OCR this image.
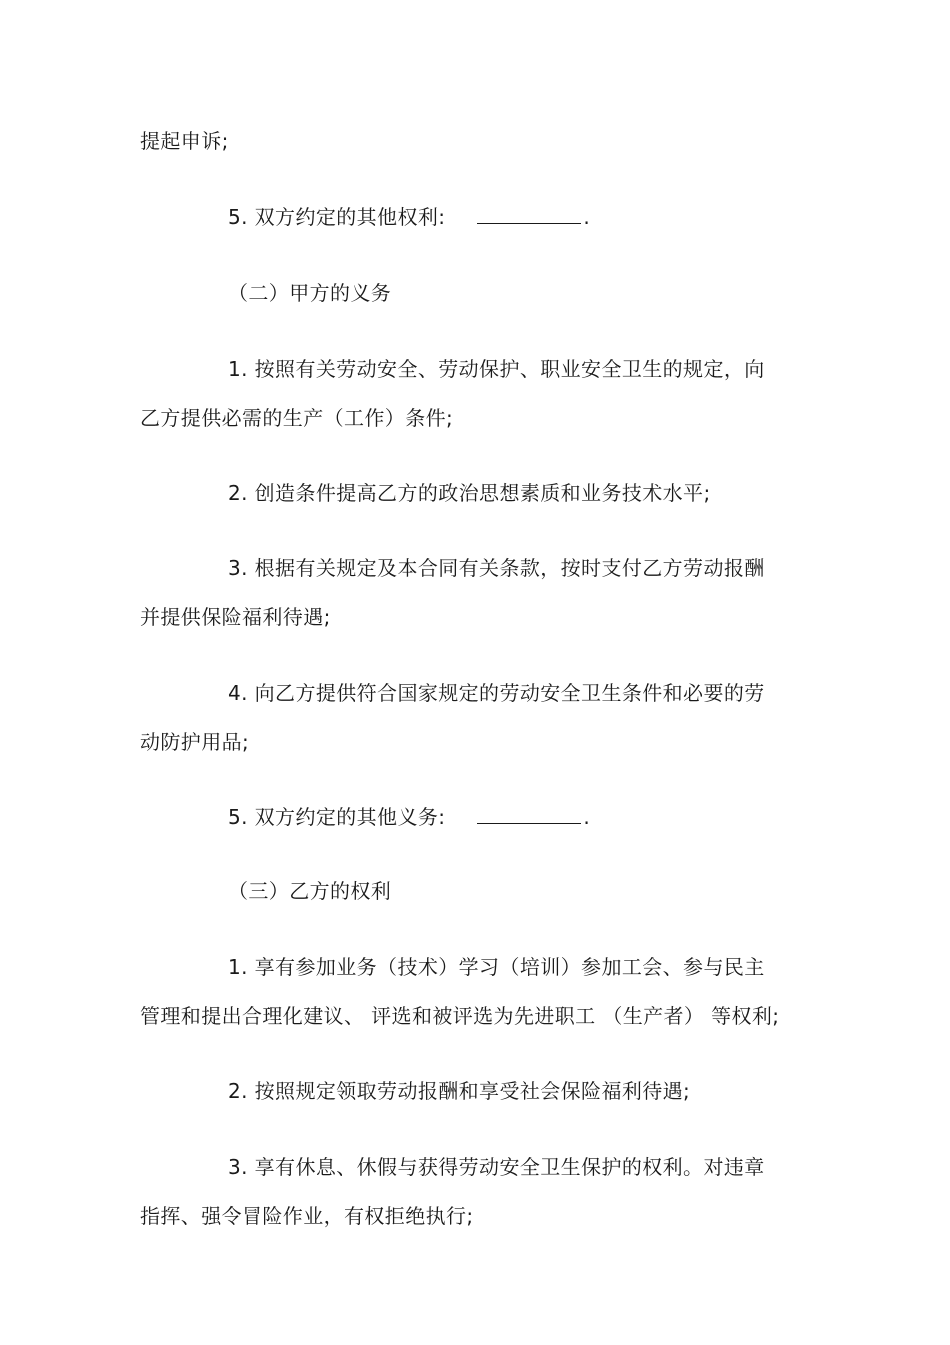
提起申诉;
5. 双方约定的其他权利:	.
（二）甲方的义务
1. 按照有关劳动安全、劳动保护、职业安全卫生的规定，向
乙方提供必需的生产（工作）条件;
2. 创造条件提高乙方的政治思想素质和业务技术水平;
3. 根据有关规定及本合同有关条款，按时支付乙方劳动报酬
并提供保险福利待遇;
4. 向乙方提供符合国家规定的劳动安全卫生条件和必要的劳
动防护用品;
5. 双方约定的其他义务:	.
（三）乙方的权利
1. 享有参加业务（技术）学习（培训）参加工会、参与民主
管理和提出合理化建议、 评选和被评选为先进职工 （生产者） 等权利;
2. 按照规定领取劳动报酬和享受社会保险福利待遇;
3. 享有休息、休假与获得劳动安全卫生保护的权利。对违章
指挥、强令冒险作业，有权拒绝执行;
